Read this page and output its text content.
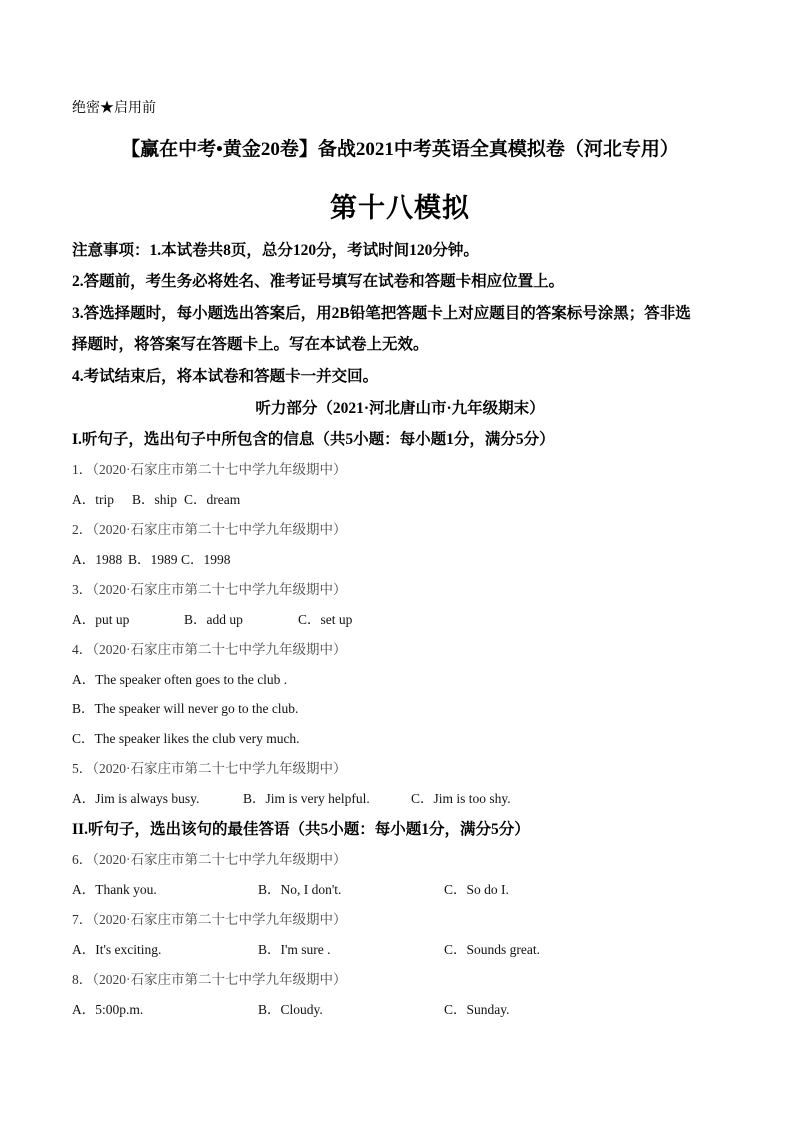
绝密★启用前
【赢在中考•黄金20卷】备战2021中考英语全真模拟卷（河北专用）
第十八模拟
注意事项：1.本试卷共8页，总分120分，考试时间120分钟。
2.答题前，考生务必将姓名、准考证号填写在试卷和答题卡相应位置上。
3.答选择题时，每小题选出答案后，用2B铅笔把答题卡上对应题目的答案标号涂黑；答非选
择题时，将答案写在答题卡上。写在本试卷上无效。
4.考试结束后，将本试卷和答题卡一并交回。
听力部分（2021·河北唐山市·九年级期末）
I.听句子，选出句子中所包含的信息（共5小题：每小题1分，满分5分）
1．（2020·石家庄市第二十七中学九年级期中）
A．trip B．ship C．dream
2．（2020·石家庄市第二十七中学九年级期中）
A．1988 B．1989 C．1998
3．（2020·石家庄市第二十七中学九年级期中）
A．put up	B．add up	C．set up
4．（2020·石家庄市第二十七中学九年级期中）
A．The speaker often goes to the club .
B．The speaker will never go to the club.
C．The speaker likes the club very much.
5．（2020·石家庄市第二十七中学九年级期中）
A．Jim is always busy.	B．Jim is very helpful.	C．Jim is too shy.
II.听句子，选出该句的最佳答语（共5小题：每小题1分，满分5分）
6．（2020·石家庄市第二十七中学九年级期中）
A．Thank you.	B．No, I don't.	C．So do I.
7．（2020·石家庄市第二十七中学九年级期中）
A．It's exciting.	B．I'm sure .	C．Sounds great.
8．（2020·石家庄市第二十七中学九年级期中）
A．5:00p.m.	B．Cloudy.	C．Sunday.
